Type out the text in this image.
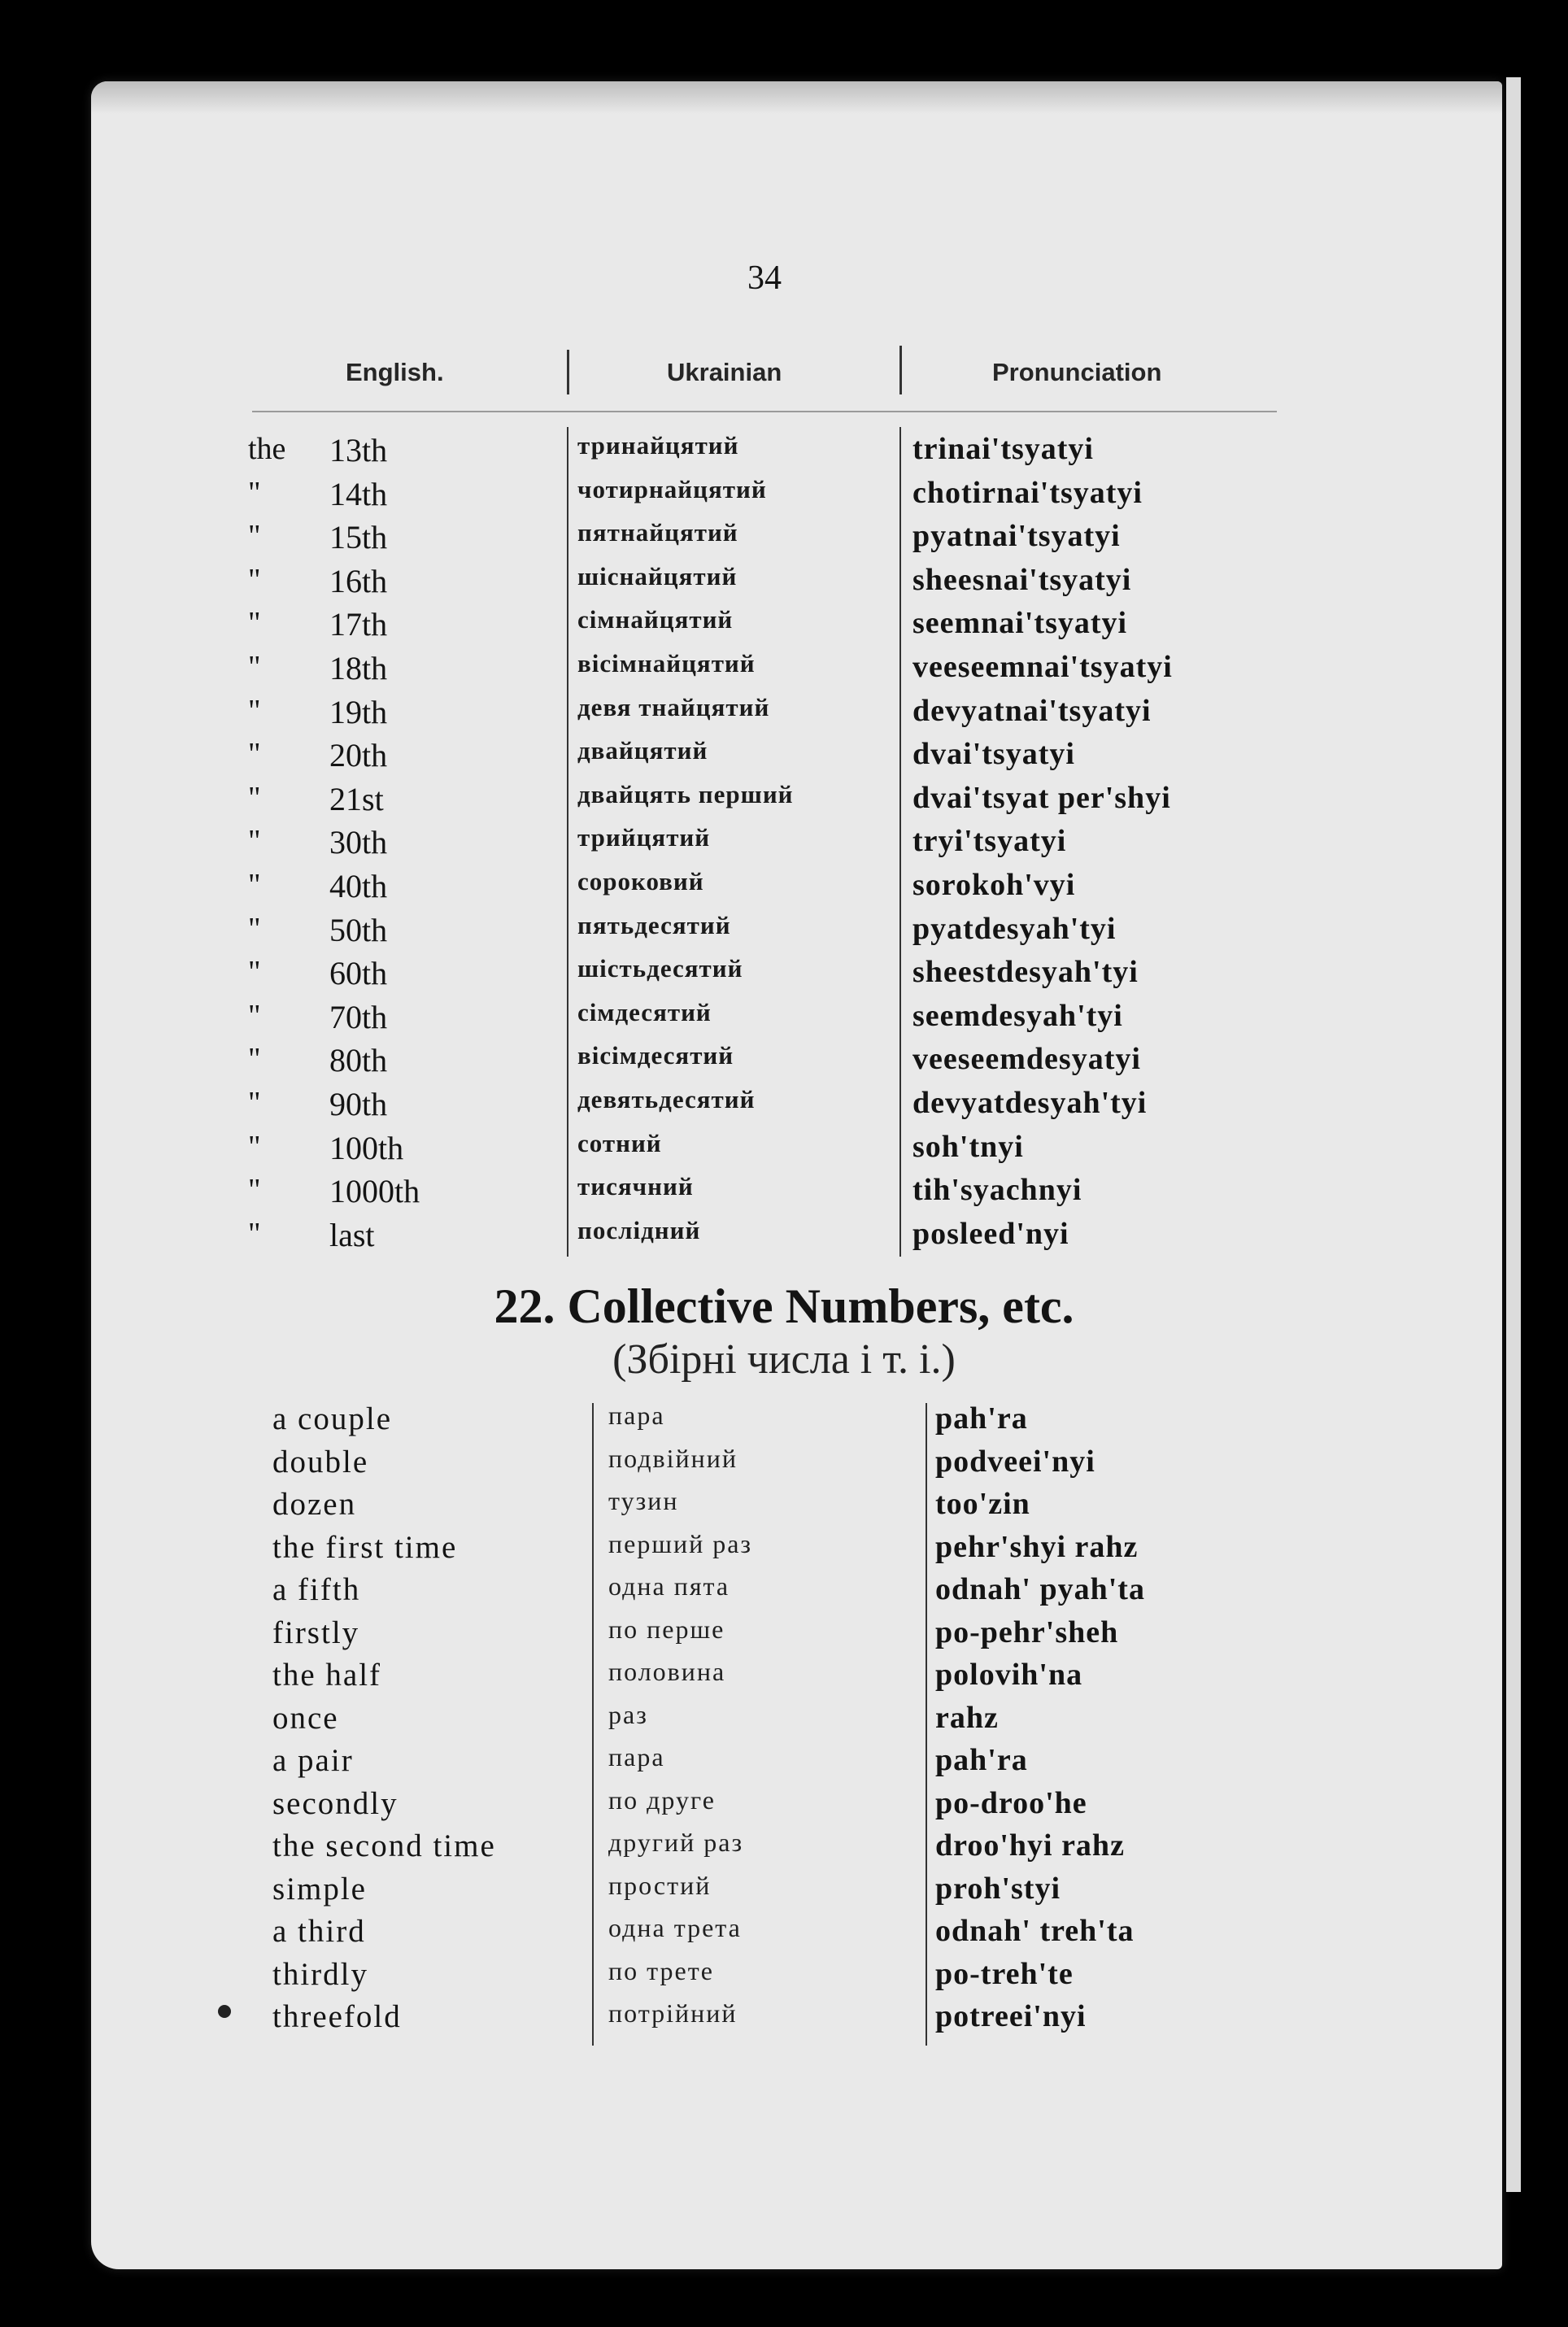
34
English.	Ukrainian	Pronunciation
the	13th	тринайцятий	trinai'tsyatyi
"	14th	чотирнайцятий	chotirnai'tsyatyi
"	15th	пятнайцятий	pyatnai'tsyatyi
"	16th	шіснайцятий	sheesnai'tsyatyi
"	17th	сімнайцятий	seemnai'tsyatyi
"	18th	вісімнайцятий	veeseemnai'tsyatyi
"	19th	девя тнайцятий	devyatnai'tsyatyi
"	20th	двайцятий	dvai'tsyatyi
"	21st	двайцять перший	dvai'tsyat per'shyi
"	30th	трийцятий	tryi'tsyatyi
"	40th	сороковий	sorokoh'vyi
"	50th	пятьдесятий	pyatdesyah'tyi
"	60th	шістьдесятий	sheestdesyah'tyi
"	70th	сімдесятий	seemdesyah'tyi
"	80th	вісімдесятий	veeseemdesyatyi
"	90th	девятьдесятий	devyatdesyah'tyi
"	100th	сотний	soh'tnyi
"	1000th	тисячний	tih'syachnyi
"	last	послідний	posleed'nyi
22. Collective Numbers, etc.
(Збірні числа і т. і.)
a couple	пара	pah'ra
double	подвійний	podveei'nyi
dozen	тузин	too'zin
the first time	перший раз	pehr'shyi rahz
a fifth	одна пята	odnah' pyah'ta
firstly	по перше	po-pehr'sheh
the half	половина	polovih'na
once	раз	rahz
a pair	пара	pah'ra
secondly	по друге	po-droo'he
the second time	другий раз	droo'hyi rahz
simple	простий	proh'styi
a third	одна трета	odnah' treh'ta
thirdly	по трете	po-treh'te
threefold	потрійний	potreei'nyi
